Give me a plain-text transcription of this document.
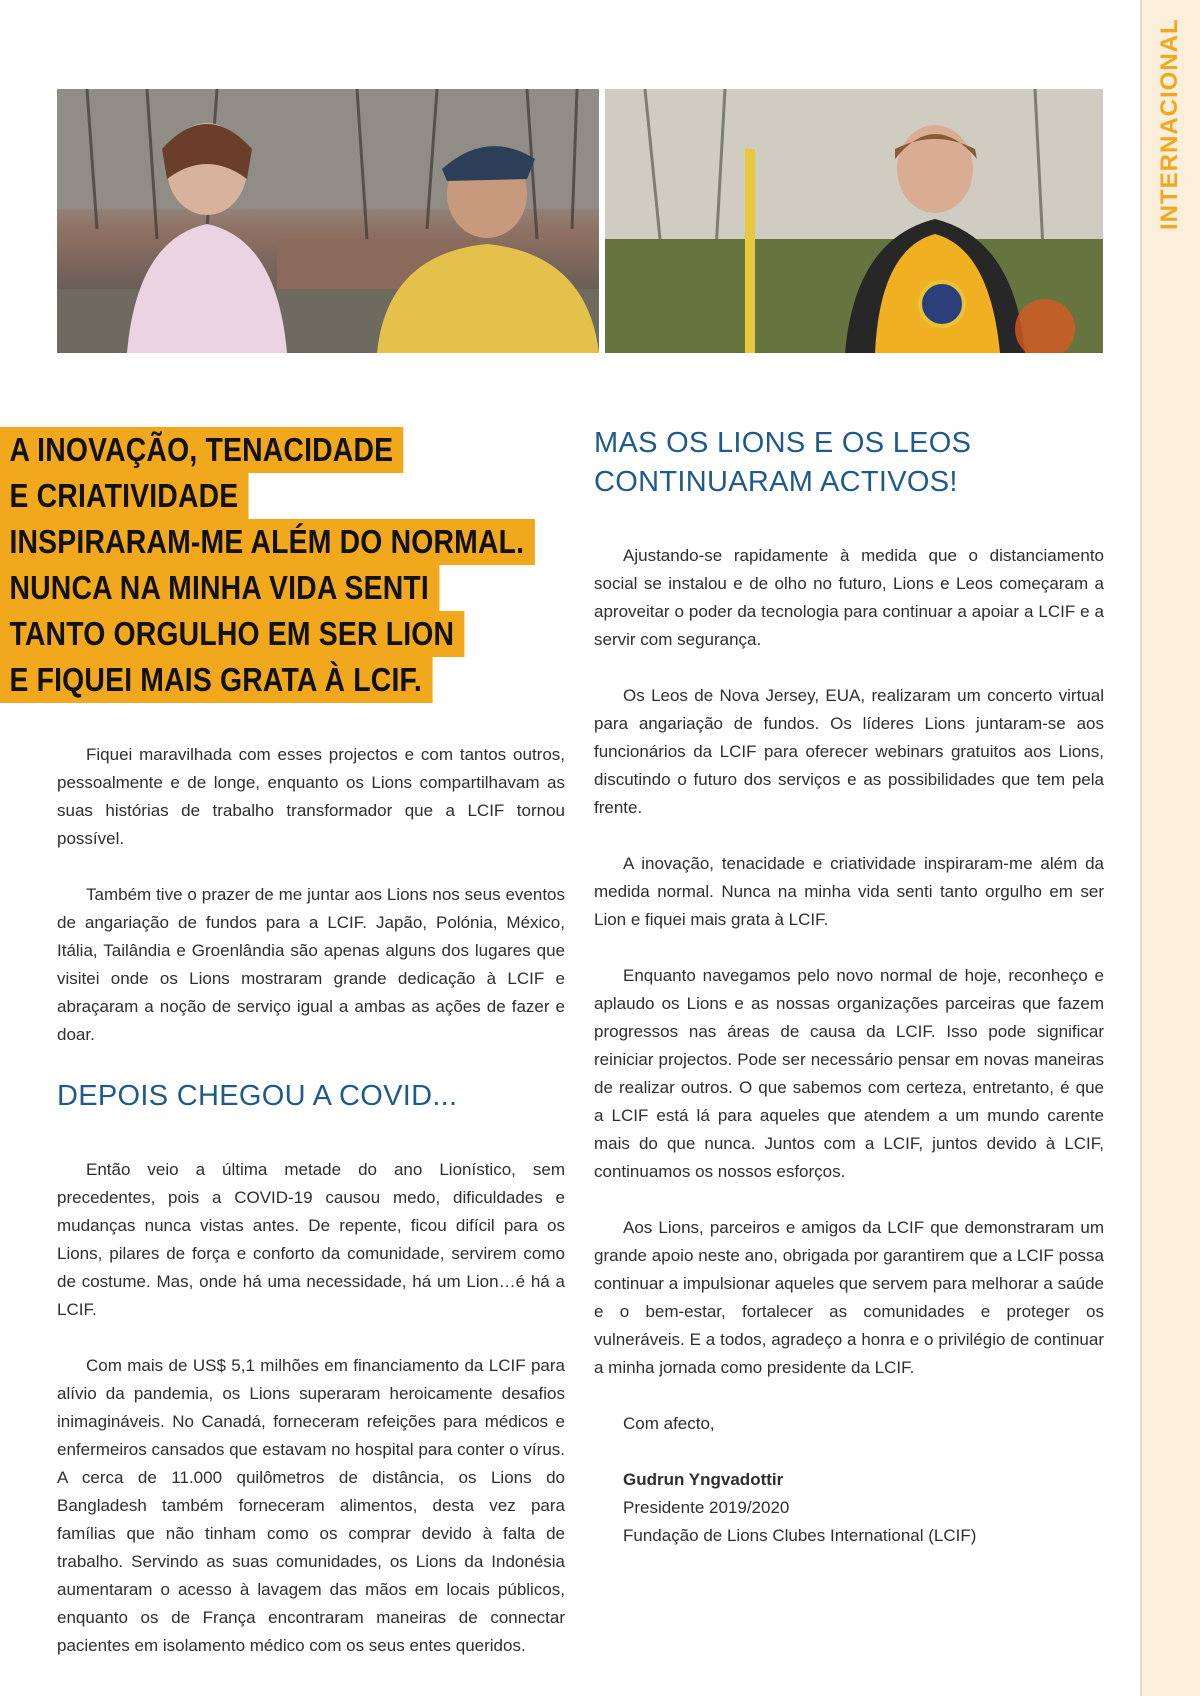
INTERNACIONAL
A INOVAÇÃO, TENACIDADE
E CRIATIVIDADE
INSPIRARAM-ME ALÉM DO NORMAL.
NUNCA NA MINHA VIDA SENTI
TANTO ORGULHO EM SER LION
E FIQUEI MAIS GRATA À LCIF.

Fiquei maravilhada com esses projectos e com tantos outros, pessoalmente e de longe, enquanto os Lions compartilhavam as suas histórias de trabalho transformador que a LCIF tornou possível.

Também tive o prazer de me juntar aos Lions nos seus eventos de angariação de fundos para a LCIF. Japão, Polónia, México, Itália, Tailândia e Groenlândia são apenas alguns dos lugares que visitei onde os Lions mostraram grande dedicação à LCIF e abraçaram a noção de serviço igual a ambas as ações de fazer e doar.

DEPOIS CHEGOU A COVID...

Então veio a última metade do ano Lionístico, sem precedentes, pois a COVID-19 causou medo, dificuldades e mudanças nunca vistas antes. De repente, ficou difícil para os Lions, pilares de força e conforto da comunidade, servirem como de costume. Mas, onde há uma necessidade, há um Lion…é há a LCIF.

Com mais de US$ 5,1 milhões em financiamento da LCIF para alívio da pandemia, os Lions superaram heroicamente desafios inimagináveis. No Canadá, forneceram refeições para médicos e enfermeiros cansados que estavam no hospital para conter o vírus. A cerca de 11.000 quilômetros de distância, os Lions do Bangladesh também forneceram alimentos, desta vez para famílias que não tinham como os comprar devido à falta de trabalho. Servindo as suas comunidades, os Lions da Indonésia aumentaram o acesso à lavagem das mãos em locais públicos, enquanto os de França encontraram maneiras de connectar pacientes em isolamento médico com os seus entes queridos.

MAS OS LIONS E OS LEOS CONTINUARAM ACTIVOS!

Ajustando-se rapidamente à medida que o distanciamento social se instalou e de olho no futuro, Lions e Leos começaram a aproveitar o poder da tecnologia para continuar a apoiar a LCIF e a servir com segurança.

Os Leos de Nova Jersey, EUA, realizaram um concerto virtual para angariação de fundos. Os líderes Lions juntaram-se aos funcionários da LCIF para oferecer webinars gratuitos aos Lions, discutindo o futuro dos serviços e as possibilidades que tem pela frente.

A inovação, tenacidade e criatividade inspiraram-me além da medida normal. Nunca na minha vida senti tanto orgulho em ser Lion e fiquei mais grata à LCIF.

Enquanto navegamos pelo novo normal de hoje, reconheço e aplaudo os Lions e as nossas organizações parceiras que fazem progressos nas áreas de causa da LCIF. Isso pode significar reiniciar projectos. Pode ser necessário pensar em novas maneiras de realizar outros. O que sabemos com certeza, entretanto, é que a LCIF está lá para aqueles que atendem a um mundo carente mais do que nunca. Juntos com a LCIF, juntos devido à LCIF, continuamos os nossos esforços.

Aos Lions, parceiros e amigos da LCIF que demonstraram um grande apoio neste ano, obrigada por garantirem que a LCIF possa continuar a impulsionar aqueles que servem para melhorar a saúde e o bem-estar, fortalecer as comunidades e proteger os vulneráveis. E a todos, agradeço a honra e o privilégio de continuar a minha jornada como presidente da LCIF.

Com afecto,
Gudrun Yngvadottir
Presidente 2019/2020
Fundação de Lions Clubes International (LCIF)
